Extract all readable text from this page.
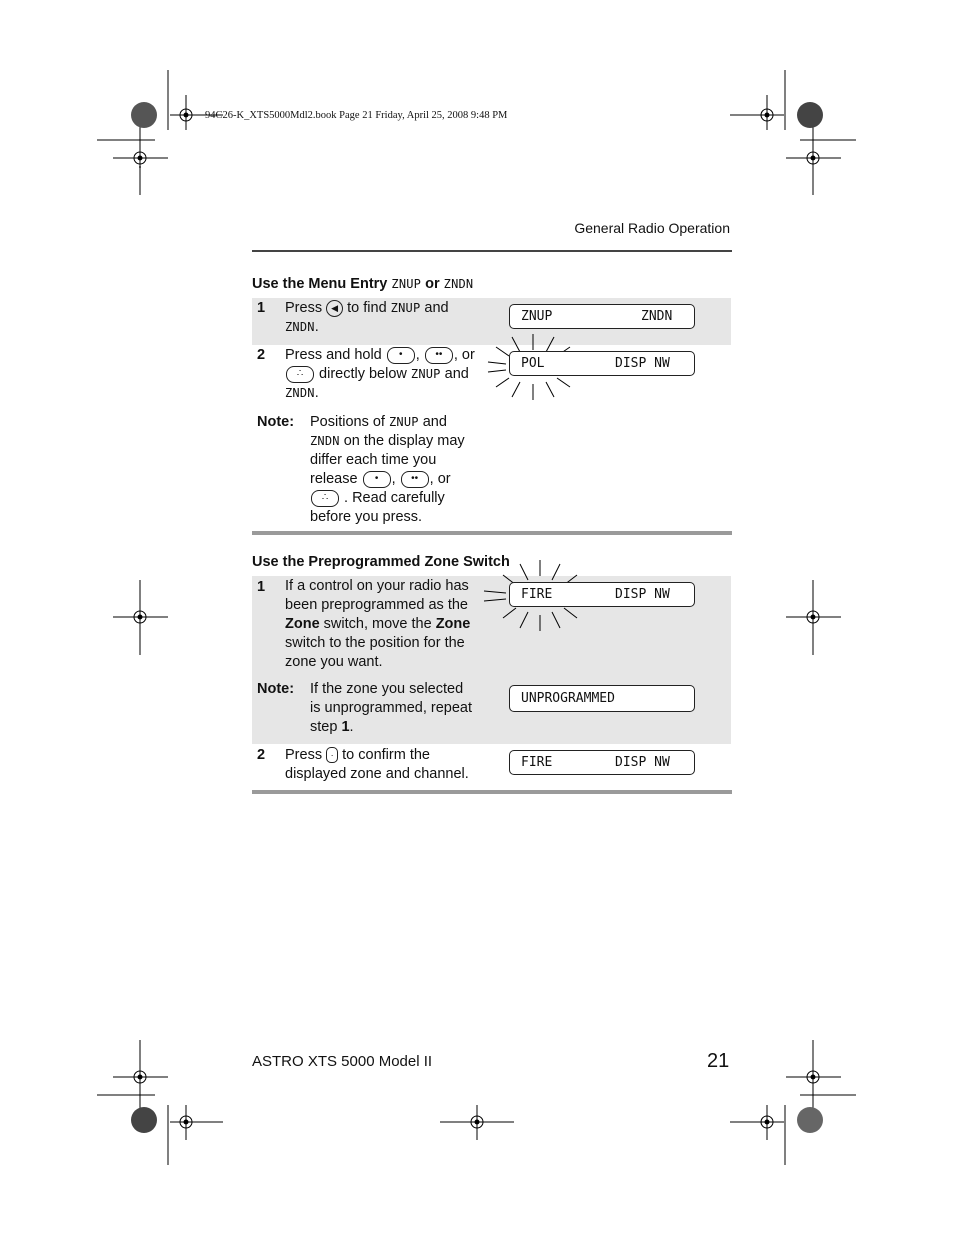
94C26-K_XTS5000Mdl2.book Page 21 Friday, April 25, 2008 9:48 PM
General Radio Operation
Use the Menu Entry ZNUP or ZNDN
1 Press ◀ to find ZNUP and
ZNDN.
ZNUP	ZNDN
2 Press and hold • , •• , or
∴ directly below ZNUP and
ZNDN.
POL	DISP NW
Note: Positions of ZNUP and
ZNDN on the display may
differ each time you
release • , •• , or
∴ . Read carefully
before you press.
Use the Preprogrammed Zone Switch
1 If a control on your radio has
been preprogrammed as the
Zone switch, move the Zone
switch to the position for the
zone you want.
FIRE	DISP NW
Note: If the zone you selected
is unprogrammed, repeat
step 1.
UNPROGRAMMED
2 Press · to confirm the
displayed zone and channel.
FIRE	DISP NW
ASTRO XTS 5000 Model II	21
